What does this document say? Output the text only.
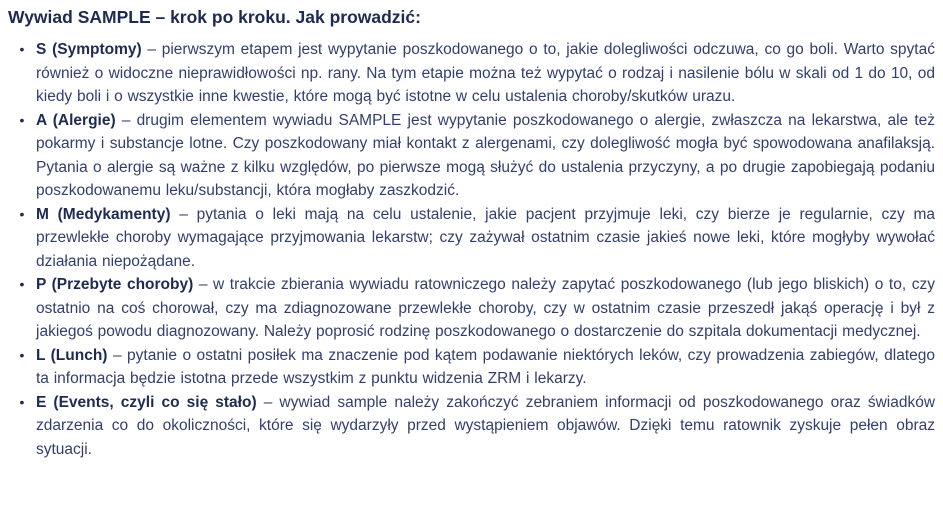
Wywiad SAMPLE – krok po kroku. Jak prowadzić:
• S (Symptomy) – pierwszym etapem jest wypytanie poszkodowanego o to, jakie dolegliwości odczuwa, co go boli. Warto spytać również o widoczne nieprawidłowości np. rany. Na tym etapie można też wypytać o rodzaj i nasilenie bólu w skali od 1 do 10, od kiedy boli i o wszystkie inne kwestie, które mogą być istotne w celu ustalenia choroby/skutków urazu.

• A (Alergie) – drugim elementem wywiadu SAMPLE jest wypytanie poszkodowanego o alergie, zwłaszcza na lekarstwa, ale też pokarmy i substancje lotne. Czy poszkodowany miał kontakt z alergenami, czy dolegliwość mogła być spowodowana anafilaksją. Pytania o alergie są ważne z kilku względów, po pierwsze mogą służyć do ustalenia przyczyny, a po drugie zapobiegają podaniu poszkodowanemu leku/substancji, która mogłaby zaszkodzić.

• M (Medykamenty) – pytania o leki mają na celu ustalenie, jakie pacjent przyjmuje leki, czy bierze je regularnie, czy ma przewlekłe choroby wymagające przyjmowania lekarstw; czy zażywał ostatnim czasie jakieś nowe leki, które mogłyby wywołać działania niepożądane.

• P (Przebyte choroby) – w trakcie zbierania wywiadu ratowniczego należy zapytać poszkodowanego (lub jego bliskich) o to, czy ostatnio na coś chorował, czy ma zdiagnozowane przewlekłe choroby, czy w ostatnim czasie przeszedł jakąś operację i był z jakiegoś powodu diagnozowany. Należy poprosić rodzinę poszkodowanego o dostarczenie do szpitala dokumentacji medycznej.

• L (Lunch) – pytanie o ostatni posiłek ma znaczenie pod kątem podawanie niektórych leków, czy prowadzenia zabiegów, dlatego ta informacja będzie istotna przede wszystkim z punktu widzenia ZRM i lekarzy.

• E (Events, czyli co się stało) – wywiad sample należy zakończyć zebraniem informacji od poszkodowanego oraz świadków zdarzenia co do okoliczności, które się wydarzyły przed wystąpieniem objawów. Dzięki temu ratownik zyskuje pełen obraz sytuacji.
